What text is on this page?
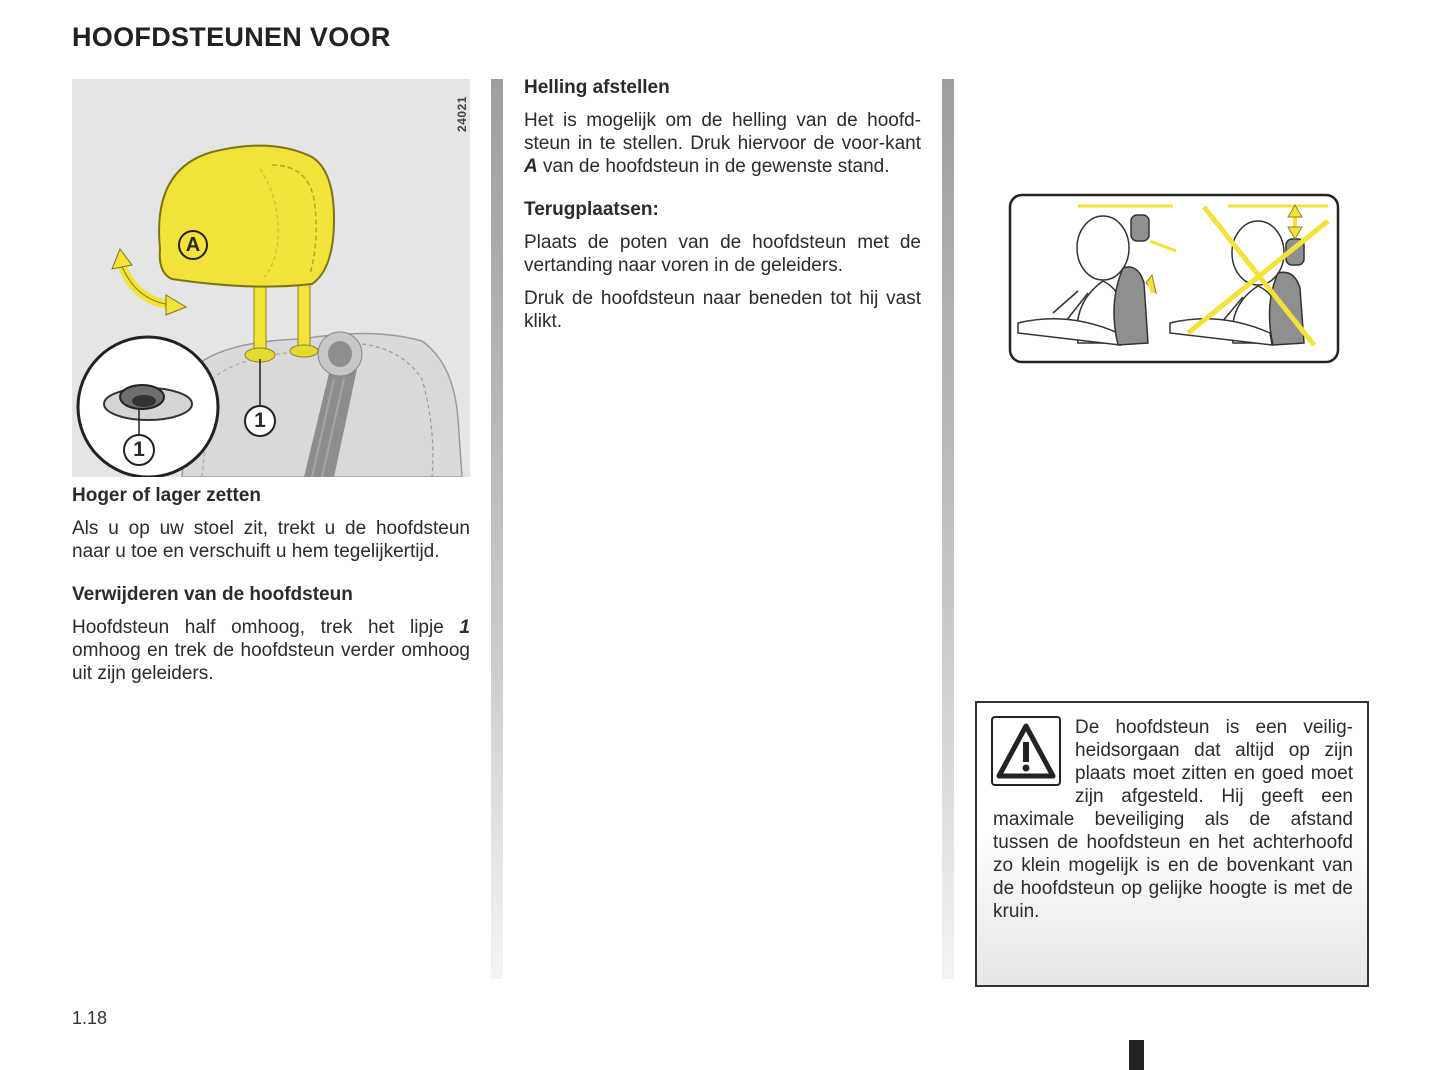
HOOFDSTEUNEN VOOR
24021
A
1
1
Hoger of lager zetten

Als u op uw stoel zit, trekt u de hoofdsteun naar u toe en verschuift u hem tegelijkertijd.

Verwijderen van de hoofdsteun

Hoofdsteun half omhoog, trek het lipje 1 omhoog en trek de hoofdsteun verder omhoog uit zijn geleiders.

Helling afstellen

Het is mogelijk om de helling van de hoofd-steun in te stellen. Druk hiervoor de voor-kant A van de hoofdsteun in de gewenste stand.

Terugplaatsen:

Plaats de poten van de hoofdsteun met de vertanding naar voren in de geleiders.

Druk de hoofdsteun naar beneden tot hij vast klikt.

De hoofdsteun is een veilig-heidsorgaan dat altijd op zijn plaats moet zitten en goed moet zijn afgesteld. Hij geeft een maximale beveiliging als de afstand tussen de hoofdsteun en het achterhoofd zo klein mogelijk is en de bovenkant van de hoofdsteun op gelijke hoogte is met de kruin.
1.18
